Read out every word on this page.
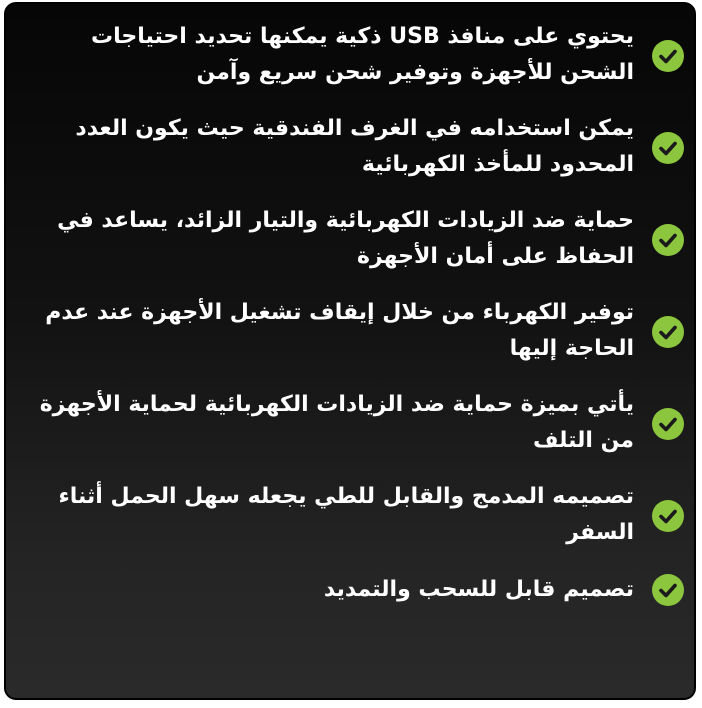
يحتوي على منافذ USB ذكية يمكنها تحديد احتياجات الشحن للأجهزة وتوفير شحن سريع وآمن
يمكن استخدامه في الغرف الفندقية حيث يكون العدد المحدود للمأخذ الكهربائية
حماية ضد الزيادات الكهربائية والتيار الزائد، يساعد في الحفاظ على أمان الأجهزة
توفير الكهرباء من خلال إيقاف تشغيل الأجهزة عند عدم الحاجة إليها
يأتي بميزة حماية ضد الزيادات الكهربائية لحماية الأجهزة من التلف
تصميمه المدمج والقابل للطي يجعله سهل الحمل أثناء السفر
تصميم قابل للسحب والتمديد
